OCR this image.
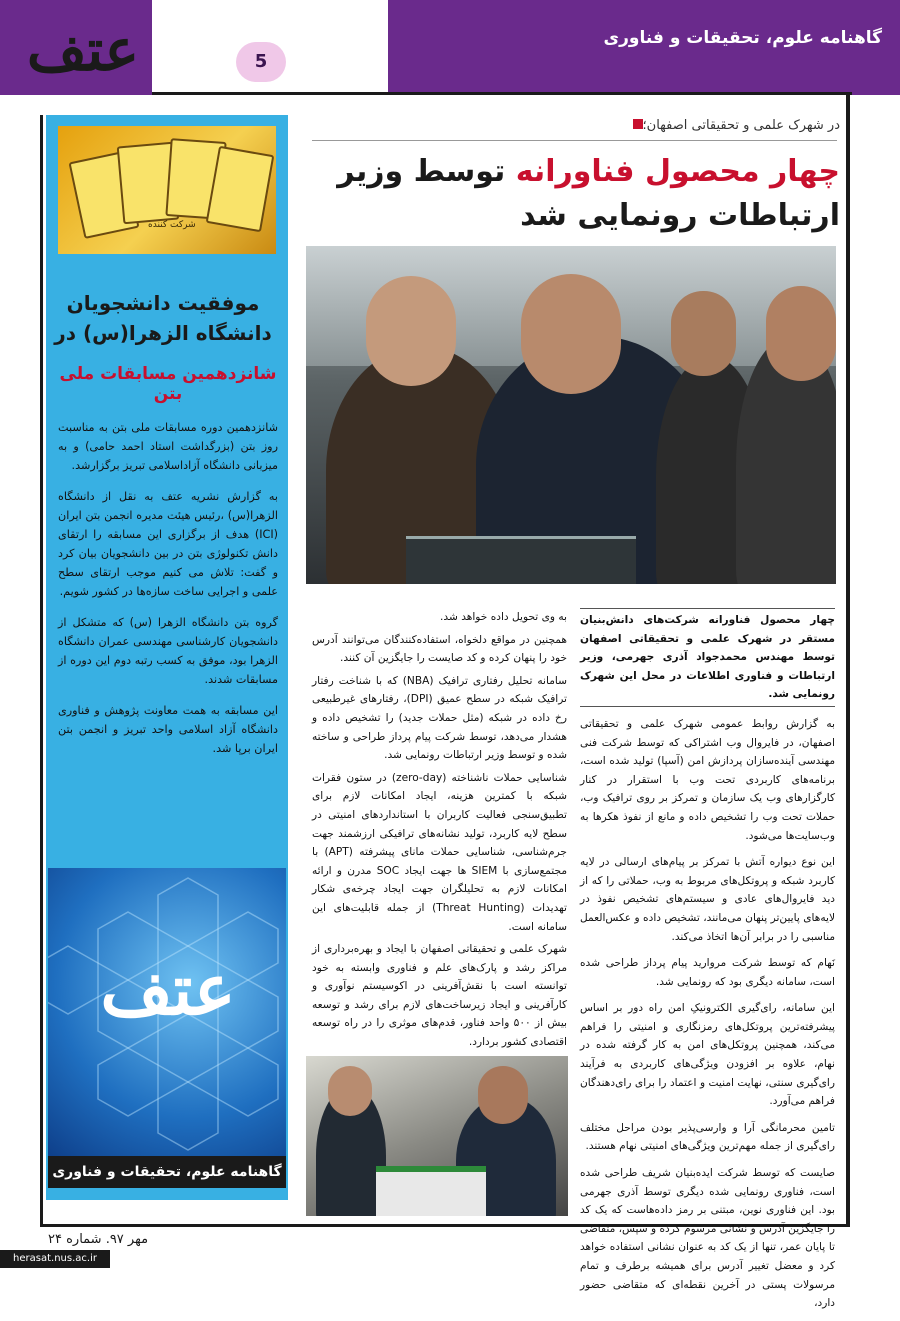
گاهنامه علوم، تحقیقات و فناوری
عتف	5
شرکت کننده
موفقیت دانشجویان دانشگاه الزهرا(س) در
شانزدهمین مسابقات ملی بتن

شانزدهمین دوره مسابقات ملی بتن به مناسبت روز بتن (بزرگداشت استاد احمد حامی) و به میزبانی دانشگاه آزاداسلامی تبریز برگزارشد.

به گزارش نشریه عتف به نقل از دانشگاه الزهرا(س) ،رئیس هیئت مدیره انجمن بتن ایران (ICI) هدف از برگزاری این مسابقه را ارتقای دانش تکنولوژی بتن در بین دانشجویان بیان کرد و گفت: تلاش می کنیم موجب ارتقای سطح علمی و اجرایی ساخت سازه‌ها در کشور شویم.

گروه بتن دانشگاه الزهرا (س) که متشکل از دانشجویان کارشناسی مهندسی عمران دانشگاه الزهرا بود، موفق به کسب رتبه دوم این دوره از مسابقات شدند.

این مسابقه به همت معاونت پژوهش و فناوری دانشگاه آزاد اسلامی واحد تبریز و انجمن بتن ایران برپا شد.

عتف
گاهنامه علوم، تحقیقات و فناوری
در شهرک علمی و تحقیقاتی اصفهان؛
چهار محصول فناورانه توسط وزیر ارتباطات رونمایی شد

چهار محصول فناورانه شرکت‌های دانش‌بنیان مستقر در شهرک علمی و تحقیقاتی اصفهان توسط مهندس محمدجواد آذری جهرمی، وزیر ارتباطات و فناوری اطلاعات در محل این شهرک رونمایی شد.

به گزارش روابط عمومی شهرک علمی و تحقیقاتی اصفهان، در فایروال وب اشتراکی که توسط شرکت فنی مهندسی آینده‌سازان پردازش امن (آسپا) تولید شده است، برنامه‌های کاربردی تحت وب با استقرار در کنار کارگزارهای وب یک سازمان و تمرکز بر روی ترافیک وب، حملات تحت وب را تشخیص داده و مانع از نفوذ هکرها به وب‌سایت‌ها می‌شود.

این نوع دیواره آتش با تمرکز بر پیام‌های ارسالی در لایه کاربرد شبکه و پروتکل‌های مربوط به وب، حملاتی را که از دید فایروال‌های عادی و سیستم‌های تشخیص نفوذ در لایه‌های پایین‌تر پنهان می‌مانند، تشخیص داده و عکس‌العمل مناسبی را در برابر آن‌ها اتخاذ می‌کند.

نَهام که توسط شرکت مروارید پیام پرداز طراحی شده است، سامانه دیگری بود که رونمایی شد.

این سامانه، رای‌گیری الکترونیکِ امن راه دور بر اساس پیشرفته‌ترین پروتکل‌های رمزنگاری و امنیتی را فراهم می‌کند، همچنین پروتکل‌های امن به کار گرفته شده در نهام، علاوه بر افزودن ویژگی‌های کاربردی به فرآیند رای‌گیری سنتی، نهایت امنیت و اعتماد را برای رای‌دهندگان فراهم می‌آورد.

تامین محرمانگی آرا و وارسی‌پذیر بودن مراحل مختلف رای‌گیری از جمله مهم‌ترین ویژگی‌های امنیتی نهام هستند.

صایست که توسط شرکت ایده‌بنیان شریف طراحی شده است، فناوری رونمایی شده دیگری توسط آذری جهرمی بود. این فناوری نوین، مبتنی بر رمز داده‌هاست که یک کد را جایگزین آدرس و نشانی مرسوم کرده و سپس، متقاضی تا پایان عمر، تنها از یک کد به عنوان نشانی استفاده خواهد کرد و معضل تغییر آدرس برای همیشه برطرف و تمام مرسولات پستی در آخرین نقطه‌ای که متقاضی حضور دارد،

به وی تحویل داده خواهد شد.

همچنین در مواقع دلخواه، استفاده‌کنندگان می‌توانند آدرس خود را پنهان کرده و کد صایست را جایگزین آن کنند.

سامانه تحلیل رفتاری ترافیک (NBA) که با شناخت رفتار ترافیک شبکه در سطح عمیق (DPI)، رفتارهای غیرطبیعی رخ داده در شبکه (مثل حملات جدید) را تشخیص داده و هشدار می‌دهد، توسط شرکت پیام پرداز طراحی و ساخته شده و توسط وزیر ارتباطات رونمایی شد.

شناسایی حملات ناشناخته (zero-day) در ستون فقرات شبکه با کمترین هزینه، ایجاد امکانات لازم برای تطبیق‌سنجی فعالیت کاربران با استانداردهای امنیتی در سطح لایه کاربرد، تولید نشانه‌های ترافیکی ارزشمند جهت جرم‌شناسی، شناسایی حملات مانای پیشرفته (APT) با مجتمع‌سازی با SIEM ها جهت ایجاد SOC مدرن و ارائه امکانات لازم به تحلیلگران جهت ایجاد چرخه‌ی شکار تهدیدات (Threat Hunting) از جمله قابلیت‌های این سامانه است.

شهرک علمی و تحقیقاتی اصفهان با ایجاد و بهره‌برداری از مراکز رشد و پارک‌های علم و فناوری وابسته به خود توانسته است با نقش‌آفرینی در اکوسیستم نوآوری و کارآفرینی و ایجاد زیرساخت‌های لازم برای رشد و توسعه بیش از ۵۰۰ واحد فناور، قدم‌های موثری را در راه توسعه اقتصادی کشور بردارد.

مهر ۹۷. شماره ۲۴
herasat.nus.ac.ir
